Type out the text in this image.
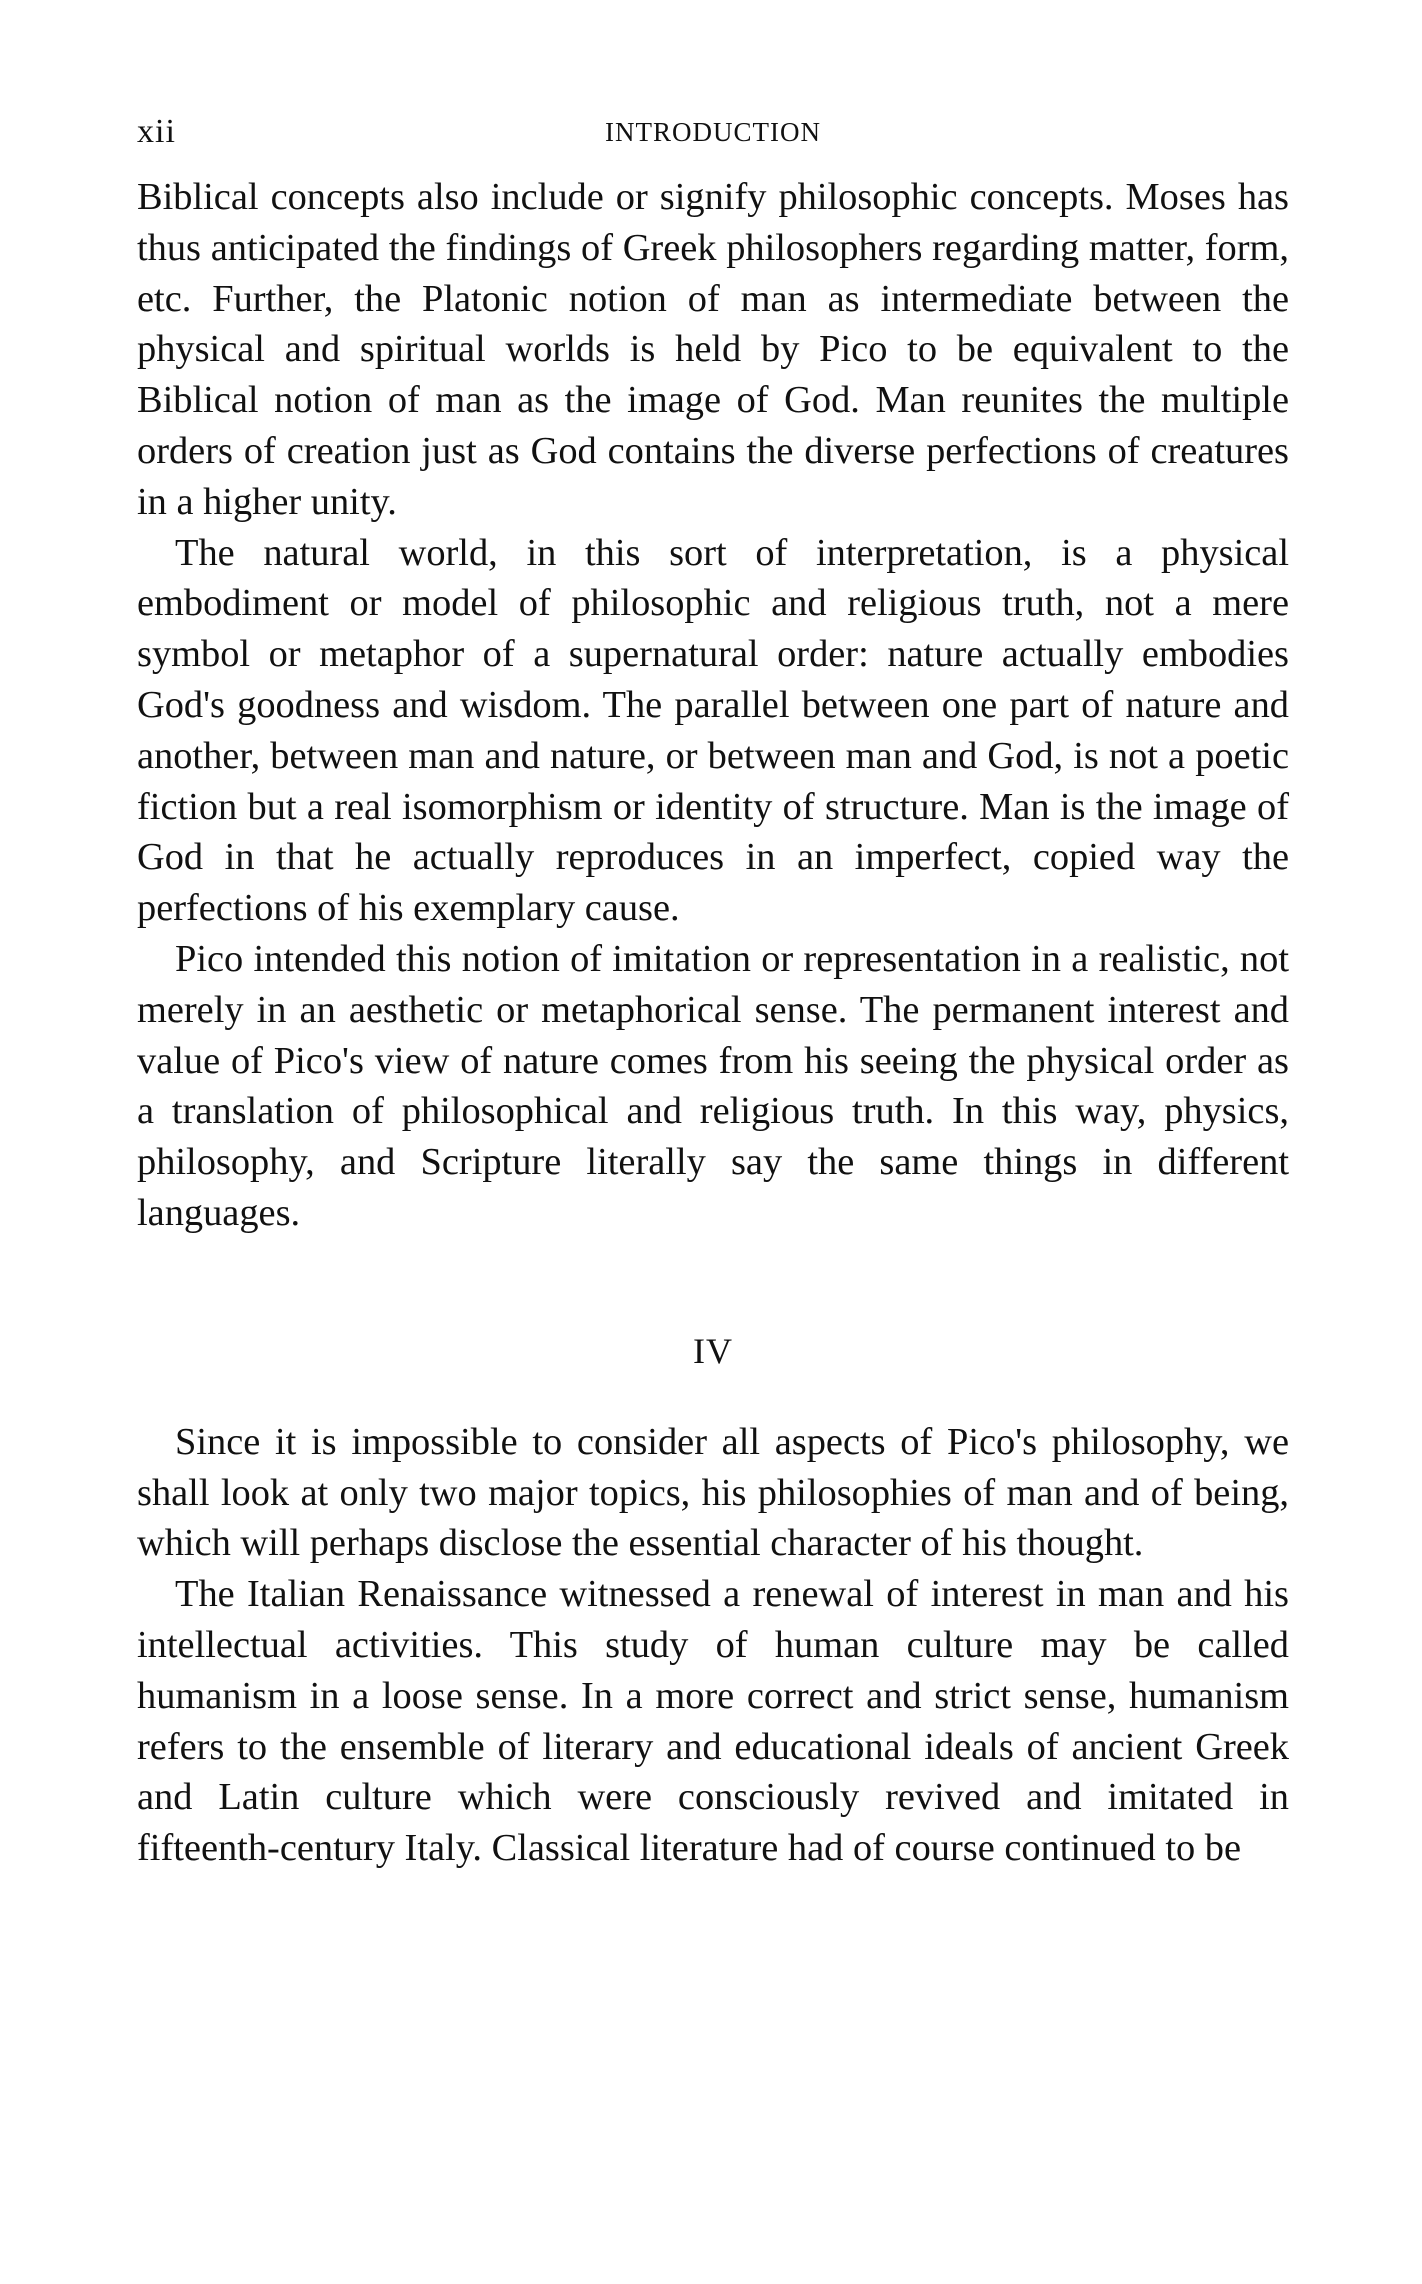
xii	INTRODUCTION

Biblical concepts also include or signify philosophic concepts. Moses has thus anticipated the findings of Greek philosophers regarding matter, form, etc. Further, the Platonic notion of man as intermediate between the physical and spiritual worlds is held by Pico to be equivalent to the Biblical notion of man as the image of God. Man reunites the multiple orders of creation just as God contains the diverse perfections of creatures in a higher unity.

The natural world, in this sort of interpretation, is a physical embodiment or model of philosophic and religious truth, not a mere symbol or metaphor of a supernatural order: nature actually embodies God's goodness and wisdom. The parallel between one part of nature and another, between man and nature, or between man and God, is not a poetic fiction but a real isomorphism or identity of structure. Man is the image of God in that he actually reproduces in an imperfect, copied way the perfections of his exemplary cause.

Pico intended this notion of imitation or representation in a realistic, not merely in an aesthetic or metaphorical sense. The permanent interest and value of Pico's view of nature comes from his seeing the physical order as a translation of philosophical and religious truth. In this way, physics, philosophy, and Scripture literally say the same things in different languages.

IV

Since it is impossible to consider all aspects of Pico's philosophy, we shall look at only two major topics, his philosophies of man and of being, which will perhaps disclose the essential character of his thought.

The Italian Renaissance witnessed a renewal of interest in man and his intellectual activities. This study of human culture may be called humanism in a loose sense. In a more correct and strict sense, humanism refers to the ensemble of literary and educational ideals of ancient Greek and Latin culture which were consciously revived and imitated in fifteenth-century Italy. Classical literature had of course continued to be
